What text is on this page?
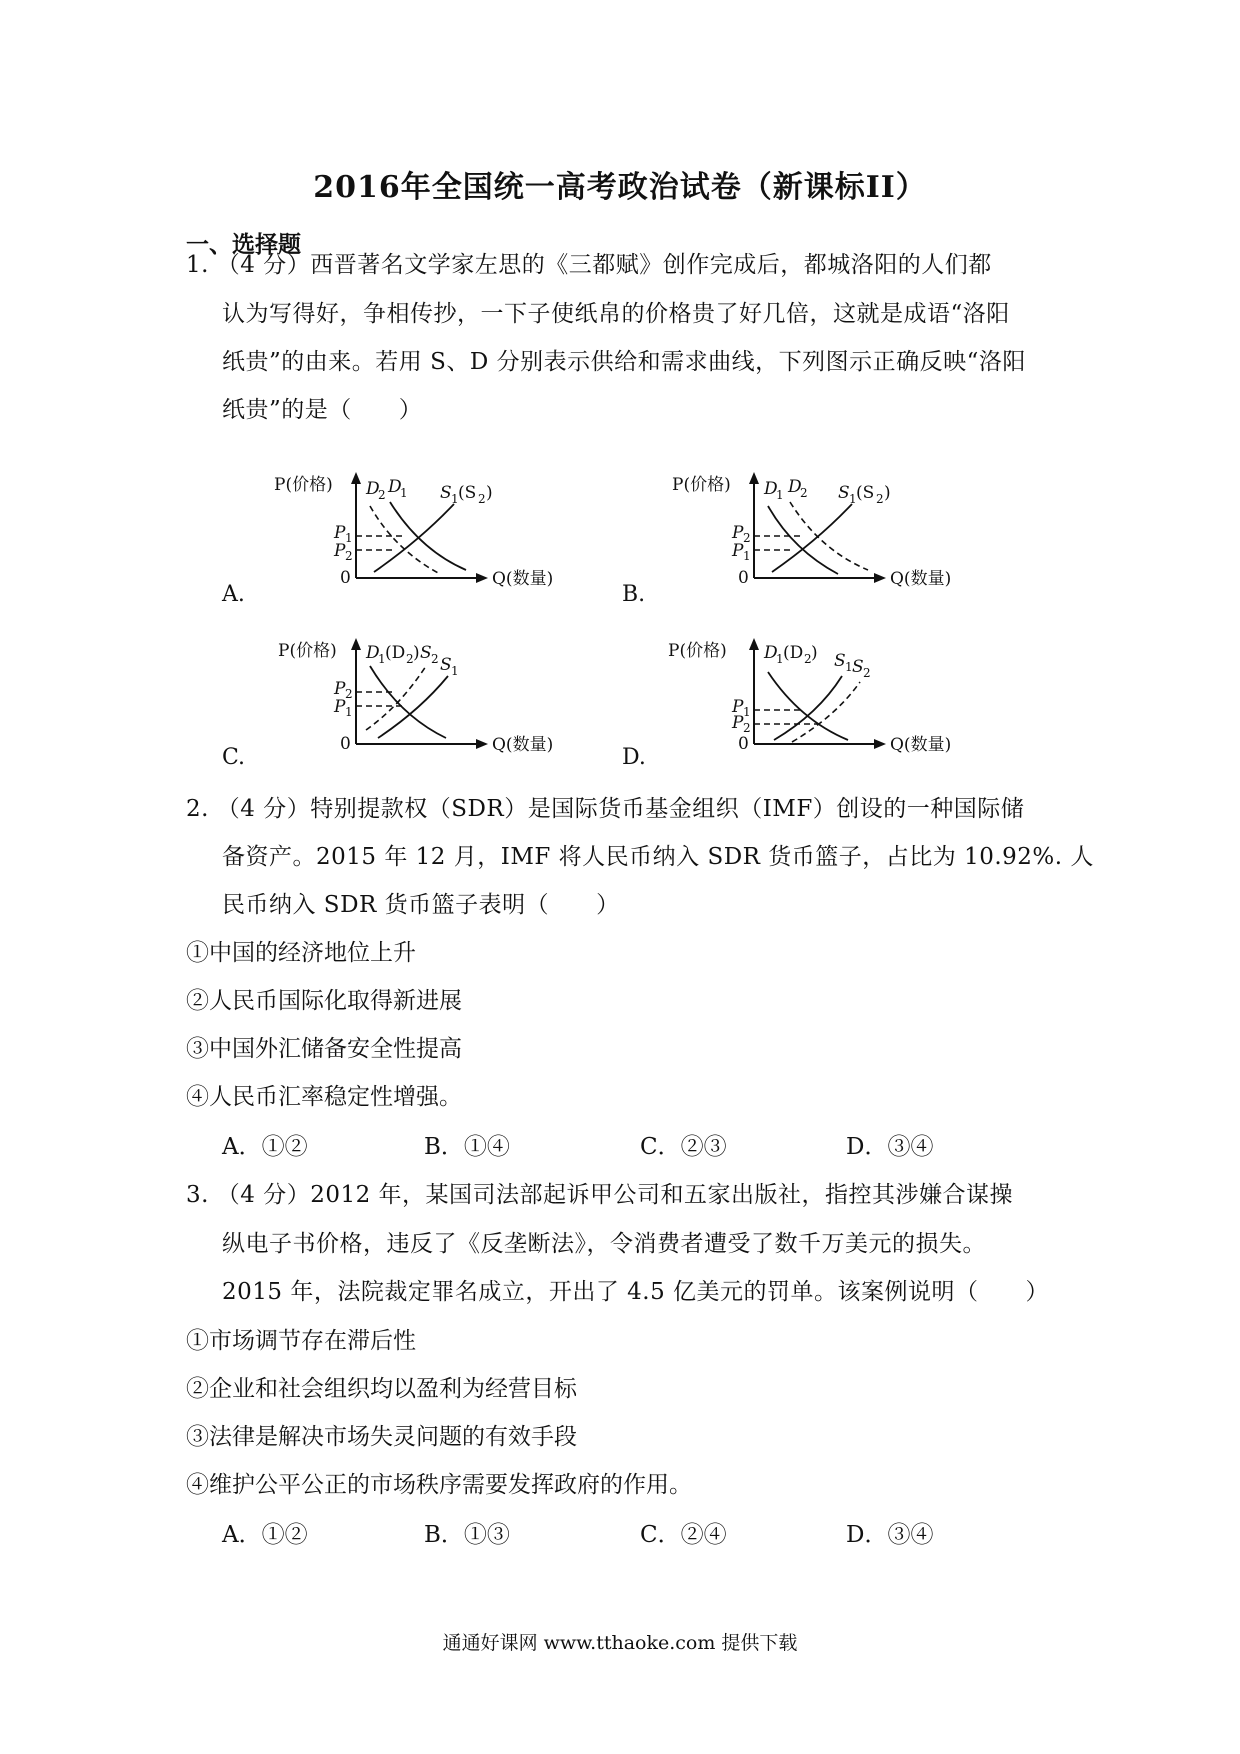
2016年全国统一高考政治试卷（新课标II）
一、选择题
1. （4 分）西晋著名文学家左思的《三都赋》创作完成后，都城洛阳的人们都
认为写得好，争相传抄，一下子使纸帛的价格贵了好几倍，这就是成语“洛阳
纸贵”的由来。若用 S、D 分别表示供给和需求曲线，下列图示正确反映“洛阳
纸贵”的是（　　）
A.
P(价格)
0	Q(数量)
D
2 D
1 S 1 (S 2 )
P 1
P 2
B.
P(价格)
0	Q(数量)
D
1 D
2 S 1 (S 2 )
P 2
P 1
C.
P(价格)
0	Q(数量)
D
1 (D 2 ) S 2 S 1
P 2
P 1
D.
P(价格)
0	Q(数量)
D
1 (D 2 ) S 1 S 2
P 1
P 2
2. （4 分）特别提款权（SDR）是国际货币基金组织（IMF）创设的一种国际储
备资产。2015 年 12 月，IMF 将人民币纳入 SDR 货币篮子，占比为 10.92%. 人
民币纳入 SDR 货币篮子表明（　　）
①中国的经济地位上升
②人民币国际化取得新进展
③中国外汇储备安全性提高
④人民币汇率稳定性增强。
A．①②	B．①④	C．②③	D．③④
3. （4 分）2012 年，某国司法部起诉甲公司和五家出版社，指控其涉嫌合谋操
纵电子书价格，违反了《反垄断法》，令消费者遭受了数千万美元的损失。
2015 年，法院裁定罪名成立，开出了 4.5 亿美元的罚单。该案例说明（　　）
①市场调节存在滞后性
②企业和社会组织均以盈利为经营目标
③法律是解决市场失灵问题的有效手段
④维护公平公正的市场秩序需要发挥政府的作用。
A．①②	B．①③	C．②④	D．③④
通通好课网 www.tthaoke.com 提供下载
